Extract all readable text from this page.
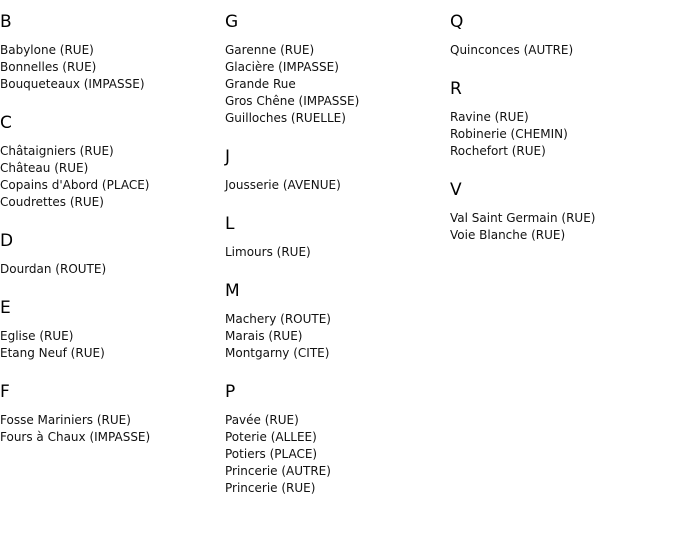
B
Babylone (RUE)
Bonnelles (RUE)
Bouqueteaux (IMPASSE)
C
Châtaigniers (RUE)
Château (RUE)
Copains d'Abord (PLACE)
Coudrettes (RUE)
D
Dourdan (ROUTE)
E
Eglise (RUE)
Etang Neuf (RUE)
F
Fosse Mariniers (RUE)
Fours à Chaux (IMPASSE)
G
Garenne (RUE)
Glacière (IMPASSE)
Grande Rue
Gros Chêne (IMPASSE)
Guilloches (RUELLE)
J
Jousserie (AVENUE)
L
Limours (RUE)
M
Machery (ROUTE)
Marais (RUE)
Montgarny (CITE)
P
Pavée (RUE)
Poterie (ALLEE)
Potiers (PLACE)
Princerie (AUTRE)
Princerie (RUE)
Q
Quinconces (AUTRE)
R
Ravine (RUE)
Robinerie (CHEMIN)
Rochefort (RUE)
V
Val Saint Germain (RUE)
Voie Blanche (RUE)
